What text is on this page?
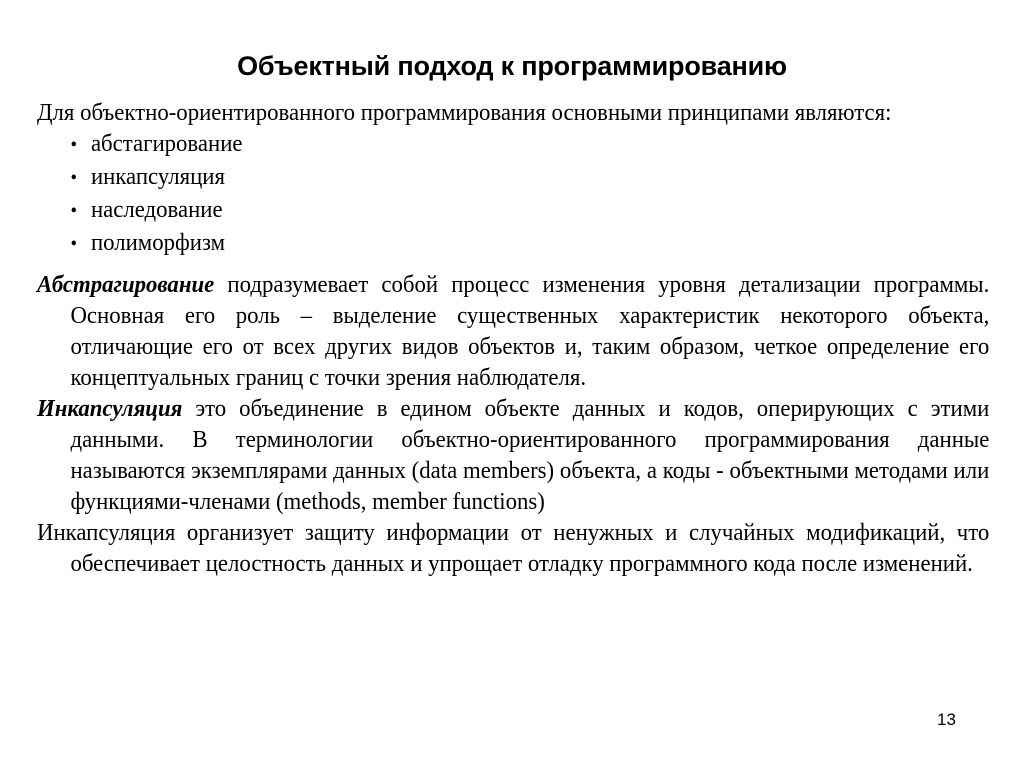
Объектный подход к программированию

Для объектно-ориентированного программирования основными принципами являются:

• абстагирование
• инкапсуляция
• наследование
• полиморфизм

Абстрагирование подразумевает собой процесс изменения уровня детализации программы. Основная его роль – выделение существенных характеристик некоторого объекта, отличающие его от всех других видов объектов и, таким образом, четкое определение его концептуальных границ с точки зрения наблюдателя.

Инкапсуляция это объединение в едином объекте данных и кодов, оперирующих с этими данными. В терминологии объектно-ориентированного программирования данные называются экземплярами данных (data members) объекта, а коды - объектными методами или функциями-членами (methods, member functions)

Инкапсуляция организует защиту информации от ненужных и случайных модификаций, что обеспечивает целостность данных и упрощает отладку программного кода после изменений.

13
